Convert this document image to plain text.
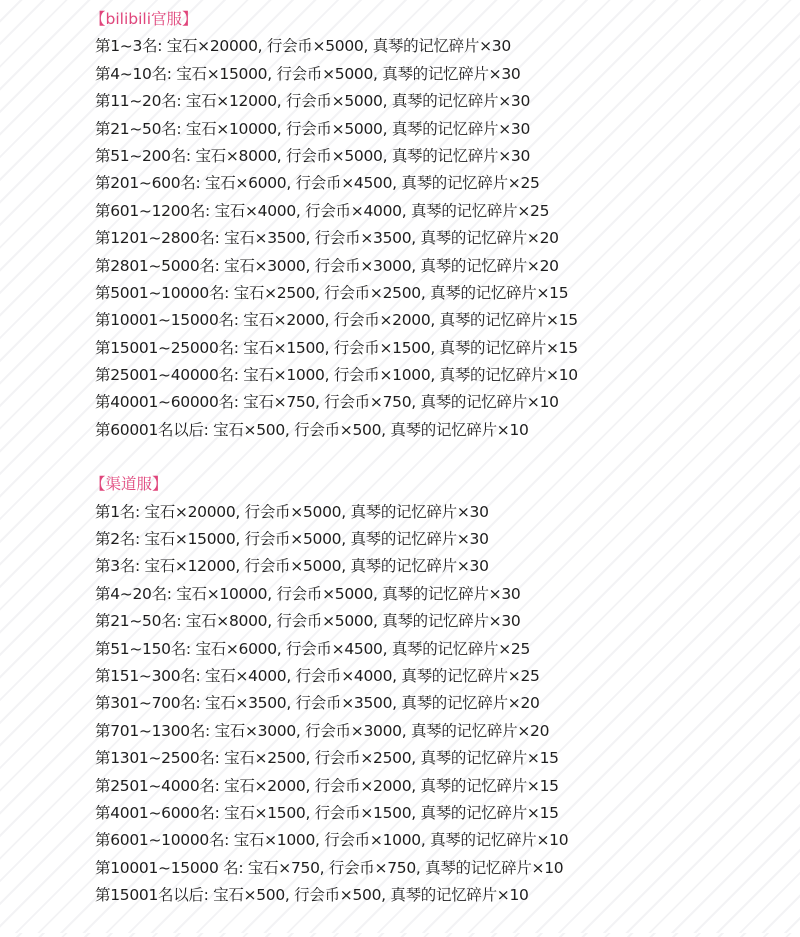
【bilibili官服】
第1~3名: 宝石×20000, 行会币×5000, 真琴的记忆碎片×30
第4~10名: 宝石×15000, 行会币×5000, 真琴的记忆碎片×30
第11~20名: 宝石×12000, 行会币×5000, 真琴的记忆碎片×30
第21~50名: 宝石×10000, 行会币×5000, 真琴的记忆碎片×30
第51~200名: 宝石×8000, 行会币×5000, 真琴的记忆碎片×30
第201~600名: 宝石×6000, 行会币×4500, 真琴的记忆碎片×25
第601~1200名: 宝石×4000, 行会币×4000, 真琴的记忆碎片×25
第1201~2800名: 宝石×3500, 行会币×3500, 真琴的记忆碎片×20
第2801~5000名: 宝石×3000, 行会币×3000, 真琴的记忆碎片×20
第5001~10000名: 宝石×2500, 行会币×2500, 真琴的记忆碎片×15
第10001~15000名: 宝石×2000, 行会币×2000, 真琴的记忆碎片×15
第15001~25000名: 宝石×1500, 行会币×1500, 真琴的记忆碎片×15
第25001~40000名: 宝石×1000, 行会币×1000, 真琴的记忆碎片×10
第40001~60000名: 宝石×750, 行会币×750, 真琴的记忆碎片×10
第60001名以后: 宝石×500, 行会币×500, 真琴的记忆碎片×10
【渠道服】
第1名: 宝石×20000, 行会币×5000, 真琴的记忆碎片×30
第2名: 宝石×15000, 行会币×5000, 真琴的记忆碎片×30
第3名: 宝石×12000, 行会币×5000, 真琴的记忆碎片×30
第4~20名: 宝石×10000, 行会币×5000, 真琴的记忆碎片×30
第21~50名: 宝石×8000, 行会币×5000, 真琴的记忆碎片×30
第51~150名: 宝石×6000, 行会币×4500, 真琴的记忆碎片×25
第151~300名: 宝石×4000, 行会币×4000, 真琴的记忆碎片×25
第301~700名: 宝石×3500, 行会币×3500, 真琴的记忆碎片×20
第701~1300名: 宝石×3000, 行会币×3000, 真琴的记忆碎片×20
第1301~2500名: 宝石×2500, 行会币×2500, 真琴的记忆碎片×15
第2501~4000名: 宝石×2000, 行会币×2000, 真琴的记忆碎片×15
第4001~6000名: 宝石×1500, 行会币×1500, 真琴的记忆碎片×15
第6001~10000名: 宝石×1000, 行会币×1000, 真琴的记忆碎片×10
第10001~15000 名: 宝石×750, 行会币×750, 真琴的记忆碎片×10
第15001名以后: 宝石×500, 行会币×500, 真琴的记忆碎片×10
